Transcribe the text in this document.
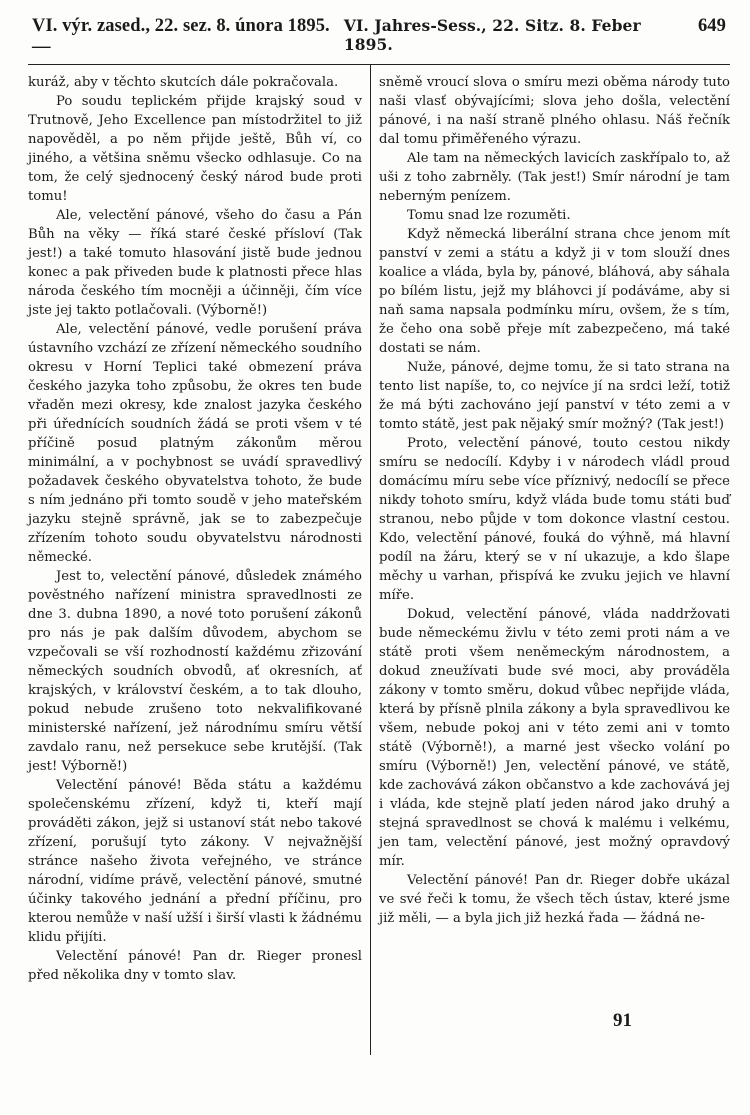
VI. výr. zased., 22. sez. 8. února 1895. —
VI. Jahres-Sess., 22. Sitz. 8. Feber 1895.
649

kuráž, aby v těchto skutcích dále pokračovala.

Po soudu teplickém přijde krajský soud v Trutnově, Jeho Excellence pan místodržitel to již napověděl, a po něm přijde ještě, Bůh ví, co jiného, a většina sněmu všecko odhlasuje. Co na tom, že celý sjednocený český národ bude proti tomu!

Ale, velectění pánové, všeho do času a Pán Bůh na věky — říká staré české přísloví (Tak jest!) a také tomuto hlasování jistě bude jednou konec a pak přiveden bude k platnosti přece hlas národa českého tím mocněji a účinněji, čím více jste jej takto potlačovali. (Výborně!)

Ale, velectění pánové, vedle porušení práva ústavního vzchází ze zřízení německého soudního okresu v Horní Teplici také obmezení práva českého jazyka toho způsobu, že okres ten bude vřaděn mezi okresy, kde znalost jazyka českého při úřednících soudních žádá se proti všem v té příčině posud platným zákonům měrou minimální, a v pochybnost se uvádí spravedlivý požadavek českého obyvatelstva tohoto, že bude s ním jednáno při tomto soudě v jeho mateřském jazyku stejně správně, jak se to zabezpečuje zřízením tohoto soudu obyvatelstvu národnosti německé.

Jest to, velectění pánové, důsledek známého pověstného nařízení ministra spravedlnosti ze dne 3. dubna 1890, a nové toto porušení zákonů pro nás je pak dalším důvodem, abychom se vzpečovali se vší rozhodností každému zřizování německých soudních obvodů, ať okresních, ať krajských, v království českém, a to tak dlouho, pokud nebude zrušeno toto nekvalifikované ministerské nařízení, jež národnímu smíru větší zavdalo ranu, než persekuce sebe krutější. (Tak jest! Výborně!)

Velectění pánové! Běda státu a každému společenskému zřízení, když ti, kteří mají prováděti zákon, jejž si ustanoví stát nebo takové zřízení, porušují tyto zákony. V nejvažnější stránce našeho života veřejného, ve stránce národní, vidíme právě, velectění pánové, smutné účinky takového jednání a přední příčinu, pro kterou nemůže v naší užší i širší vlasti k žádnému klidu přijíti.

Velectění pánové! Pan dr. Rieger pronesl před několika dny v tomto slav.

sněmě vroucí slova o smíru mezi oběma národy tuto naši vlasť obývajícími; slova jeho došla, velectění pánové, i na naší straně plného ohlasu. Náš řečník dal tomu přiměřeného výrazu.

Ale tam na německých lavicích zaskřípalo to, až uši z toho zabrněly. (Tak jest!) Smír národní je tam neberným penízem.

Tomu snad lze rozuměti.

Když německá liberální strana chce jenom mít panství v zemi a státu a když ji v tom slouží dnes koalice a vláda, byla by, pánové, bláhová, aby sáhala po bílém listu, jejž my bláhovci jí podáváme, aby si naň sama napsala podmínku míru, ovšem, že s tím, že čeho ona sobě přeje mít zabezpečeno, má také dostati se nám.

Nuže, pánové, dejme tomu, že si tato strana na tento list napíše, to, co nejvíce jí na srdci leží, totiž že má býti zachováno její panství v této zemi a v tomto státě, jest pak nějaký smír možný? (Tak jest!)

Proto, velectění pánové, touto cestou nikdy smíru se nedocílí. Kdyby i v národech vládl proud domácímu míru sebe více příznivý, nedocílí se přece nikdy tohoto smíru, když vláda bude tomu státi buď stranou, nebo půjde v tom dokonce vlastní cestou. Kdo, velectění pánové, fouká do výhně, má hlavní podíl na žáru, který se v ní ukazuje, a kdo šlape měchy u varhan, přispívá ke zvuku jejich ve hlavní míře.

Dokud, velectění pánové, vláda naddržovati bude německému živlu v této zemi proti nám a ve státě proti všem neněmeckým národnostem, a dokud zneužívati bude své moci, aby prováděla zákony v tomto směru, dokud vůbec nepřijde vláda, která by přísně plnila zákony a byla spravedlivou ke všem, nebude pokoj ani v této zemi ani v tomto státě (Výborně!), a marné jest všecko volání po smíru (Výborně!) Jen, velectění pánové, ve státě, kde zachovává zákon občanstvo a kde zachovává jej i vláda, kde stejně platí jeden národ jako druhý a stejná spravedlnost se chová k malému i velkému, jen tam, velectění pánové, jest možný opravdový mír.

Velectění pánové! Pan dr. Rieger dobře ukázal ve své řeči k tomu, že všech těch ústav, které jsme již měli, — a byla jich již hezká řada — žádná ne-

91
